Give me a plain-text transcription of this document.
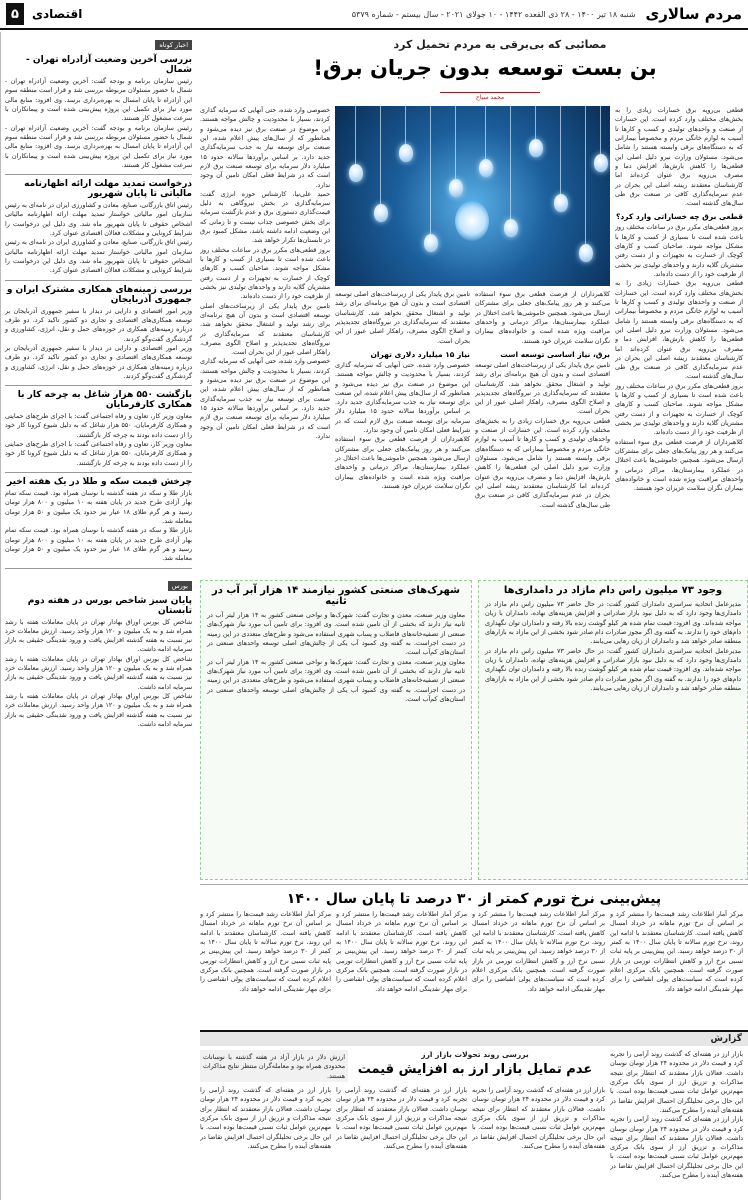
مردم سالاری
شنبه ۱۸ تیر ۱۴۰۰ - ۲۸ ذی القعده ۱۴۴۲ - ۱۰ جولای ۲۰۲۱ - سال بیستم - شماره ۵۳۷۹
اقتصادی
۵
مصائبی که بی‌برقی به مردم تحمیل کرد
بن بست توسعه بدون جریان برق!
محمد سیاح

قطعی بی‌رویه برق خسارات زیادی را به بخش‌های مختلف وارد کرده است. این خسارات از صنعت و واحدهای تولیدی و کسب و کارها تا آسیب به لوازم خانگی مردم و مخصوصاً بیمارانی که به دستگاه‌های برقی وابسته هستند را شامل می‌شود. مسئولان وزارت نیرو دلیل اصلی این قطعی‌ها را کاهش بارش‌ها، افزایش دما و مصرف بی‌رویه برق عنوان کرده‌اند اما کارشناسان معتقدند ریشه اصلی این بحران در عدم سرمایه‌گذاری کافی در صنعت برق طی سال‌های گذشته است.

قطعی برق چه خساراتی وارد کرد؟

بروز قطعی‌های مکرر برق در ساعات مختلف روز باعث شده است تا بسیاری از کسب و کارها با مشکل مواجه شوند. صاحبان کسب و کارهای کوچک از خسارت به تجهیزات و از دست رفتن مشتریان گلایه دارند و واحدهای تولیدی نیز بخشی از ظرفیت خود را از دست داده‌اند.

قطعی بی‌رویه برق خسارات زیادی را به بخش‌های مختلف وارد کرده است. این خسارات از صنعت و واحدهای تولیدی و کسب و کارها تا آسیب به لوازم خانگی مردم و مخصوصاً بیمارانی که به دستگاه‌های برقی وابسته هستند را شامل می‌شود. مسئولان وزارت نیرو دلیل اصلی این قطعی‌ها را کاهش بارش‌ها، افزایش دما و مصرف بی‌رویه برق عنوان کرده‌اند اما کارشناسان معتقدند ریشه اصلی این بحران در عدم سرمایه‌گذاری کافی در صنعت برق طی سال‌های گذشته است.

بروز قطعی‌های مکرر برق در ساعات مختلف روز باعث شده است تا بسیاری از کسب و کارها با مشکل مواجه شوند. صاحبان کسب و کارهای کوچک از خسارت به تجهیزات و از دست رفتن مشتریان گلایه دارند و واحدهای تولیدی نیز بخشی از ظرفیت خود را از دست داده‌اند.

کلاهبرداران از فرصت قطعی برق سوء استفاده می‌کنند و هر روز پیامک‌های جعلی برای مشترکان ارسال می‌شود. همچنین خاموشی‌ها باعث اختلال در عملکرد بیمارستان‌ها، مراکز درمانی و واحدهای مراقبت ویژه شده است و خانواده‌های بیماران نگران سلامت عزیزان خود هستند.

کلاهبرداران از فرصت قطعی برق سوء استفاده می‌کنند و هر روز پیامک‌های جعلی برای مشترکان ارسال می‌شود. همچنین خاموشی‌ها باعث اختلال در عملکرد بیمارستان‌ها، مراکز درمانی و واحدهای مراقبت ویژه شده است و خانواده‌های بیماران نگران سلامت عزیزان خود هستند.

برق، نیاز اساسی توسعه است

تامین برق پایدار یکی از زیرساخت‌های اصلی توسعه اقتصادی است و بدون آن هیچ برنامه‌ای برای رشد تولید و اشتغال محقق نخواهد شد. کارشناسان معتقدند که سرمایه‌گذاری در نیروگاه‌های تجدیدپذیر و اصلاح الگوی مصرف، راهکار اصلی عبور از این بحران است.

قطعی بی‌رویه برق خسارات زیادی را به بخش‌های مختلف وارد کرده است. این خسارات از صنعت و واحدهای تولیدی و کسب و کارها تا آسیب به لوازم خانگی مردم و مخصوصاً بیمارانی که به دستگاه‌های برقی وابسته هستند را شامل می‌شود. مسئولان وزارت نیرو دلیل اصلی این قطعی‌ها را کاهش بارش‌ها، افزایش دما و مصرف بی‌رویه برق عنوان کرده‌اند اما کارشناسان معتقدند ریشه اصلی این بحران در عدم سرمایه‌گذاری کافی در صنعت برق طی سال‌های گذشته است.

تامین برق پایدار یکی از زیرساخت‌های اصلی توسعه اقتصادی است و بدون آن هیچ برنامه‌ای برای رشد تولید و اشتغال محقق نخواهد شد. کارشناسان معتقدند که سرمایه‌گذاری در نیروگاه‌های تجدیدپذیر و اصلاح الگوی مصرف، راهکار اصلی عبور از این بحران است.

نیاز ۱۵ میلیارد دلاری تهران

خصوصی وارد شده، حتی آنهایی که سرمایه گذاری کردند، بسیار با محدودیت و چالش مواجه هستند. این موضوع در صنعت برق نیز دیده می‌شود و همانطور که از سال‌های پیش اعلام شده، این صنعت برای توسعه نیاز به جذب سرمایه‌گذاری جدید دارد. بر اساس برآوردها سالانه حدود ۱۵ میلیارد دلار سرمایه برای توسعه صنعت برق لازم است که در شرایط فعلی امکان تامین آن وجود ندارد.

کلاهبرداران از فرصت قطعی برق سوء استفاده می‌کنند و هر روز پیامک‌های جعلی برای مشترکان ارسال می‌شود. همچنین خاموشی‌ها باعث اختلال در عملکرد بیمارستان‌ها، مراکز درمانی و واحدهای مراقبت ویژه شده است و خانواده‌های بیماران نگران سلامت عزیزان خود هستند.

خصوصی وارد شده، حتی آنهایی که سرمایه گذاری کردند، بسیار با محدودیت و چالش مواجه هستند. این موضوع در صنعت برق نیز دیده می‌شود و همانطور که از سال‌های پیش اعلام شده، این صنعت برای توسعه نیاز به جذب سرمایه‌گذاری جدید دارد. بر اساس برآوردها سالانه حدود ۱۵ میلیارد دلار سرمایه برای توسعه صنعت برق لازم است که در شرایط فعلی امکان تامین آن وجود ندارد.

حمید علی‌نیا، کارشناس حوزه انرژی گفت: سرمایه‌گذاری در بخش نیروگاهی به دلیل قیمت‌گذاری دستوری برق و عدم بازگشت سرمایه برای بخش خصوصی جذاب نیست و تا زمانی که این وضعیت ادامه داشته باشد، مشکل کمبود برق در تابستان‌ها تکرار خواهد شد.

بروز قطعی‌های مکرر برق در ساعات مختلف روز باعث شده است تا بسیاری از کسب و کارها با مشکل مواجه شوند. صاحبان کسب و کارهای کوچک از خسارت به تجهیزات و از دست رفتن مشتریان گلایه دارند و واحدهای تولیدی نیز بخشی از ظرفیت خود را از دست داده‌اند.

تامین برق پایدار یکی از زیرساخت‌های اصلی توسعه اقتصادی است و بدون آن هیچ برنامه‌ای برای رشد تولید و اشتغال محقق نخواهد شد. کارشناسان معتقدند که سرمایه‌گذاری در نیروگاه‌های تجدیدپذیر و اصلاح الگوی مصرف، راهکار اصلی عبور از این بحران است.

خصوصی وارد شده، حتی آنهایی که سرمایه گذاری کردند، بسیار با محدودیت و چالش مواجه هستند. این موضوع در صنعت برق نیز دیده می‌شود و همانطور که از سال‌های پیش اعلام شده، این صنعت برای توسعه نیاز به جذب سرمایه‌گذاری جدید دارد. بر اساس برآوردها سالانه حدود ۱۵ میلیارد دلار سرمایه برای توسعه صنعت برق لازم است که در شرایط فعلی امکان تامین آن وجود ندارد.

وجود ۷۳ میلیون راس دام مازاد در دامداری‌ها

مدیرعامل اتحادیه سراسری دامداران کشور گفت: در حال حاضر ۷۳ میلیون راس دام مازاد در دامداری‌ها وجود دارد که به دلیل نبود بازار صادراتی و افزایش هزینه‌های نهاده، دامداران با زیان مواجه شده‌اند. وی افزود: قیمت تمام شده هر کیلو گوشت زنده بالا رفته و دامداران توان نگهداری دام‌های خود را ندارند. به گفته وی اگر مجوز صادرات دام صادر شود بخشی از این مازاد به بازارهای منطقه صادر خواهد شد و دامداران از زیان رهایی می‌یابند.

مدیرعامل اتحادیه سراسری دامداران کشور گفت: در حال حاضر ۷۳ میلیون راس دام مازاد در دامداری‌ها وجود دارد که به دلیل نبود بازار صادراتی و افزایش هزینه‌های نهاده، دامداران با زیان مواجه شده‌اند. وی افزود: قیمت تمام شده هر کیلو گوشت زنده بالا رفته و دامداران توان نگهداری دام‌های خود را ندارند. به گفته وی اگر مجوز صادرات دام صادر شود بخشی از این مازاد به بازارهای منطقه صادر خواهد شد و دامداران از زیان رهایی می‌یابند.

شهرک‌های صنعتی کشور نیازمند ۱۴ هزار آبر آب در ثانیه

معاون وزیر صنعت، معدن و تجارت گفت: شهرک‌ها و نواحی صنعتی کشور به ۱۴ هزار لیتر آب در ثانیه نیاز دارند که بخشی از آن تامین شده است. وی افزود: برای تامین آب مورد نیاز شهرک‌های صنعتی از تصفیه‌خانه‌های فاضلاب و پساب شهری استفاده می‌شود و طرح‌های متعددی در این زمینه در دست اجراست. به گفته وی کمبود آب یکی از چالش‌های اصلی توسعه واحدهای صنعتی در استان‌های کم‌آب است.

معاون وزیر صنعت، معدن و تجارت گفت: شهرک‌ها و نواحی صنعتی کشور به ۱۴ هزار لیتر آب در ثانیه نیاز دارند که بخشی از آن تامین شده است. وی افزود: برای تامین آب مورد نیاز شهرک‌های صنعتی از تصفیه‌خانه‌های فاضلاب و پساب شهری استفاده می‌شود و طرح‌های متعددی در این زمینه در دست اجراست. به گفته وی کمبود آب یکی از چالش‌های اصلی توسعه واحدهای صنعتی در استان‌های کم‌آب است.

پیش‌بینی نرخ تورم کمتر از ۳۰ درصد تا پایان سال ۱۴۰۰

مرکز آمار اطلاعات رشد قیمت‌ها را منتشر کرد و بر اساس آن نرخ تورم ماهانه در خرداد امسال کاهش یافته است. کارشناسان معتقدند با ادامه این روند، نرخ تورم سالانه تا پایان سال ۱۴۰۰ به کمتر از ۳۰ درصد خواهد رسید. این پیش‌بینی بر پایه ثبات نسبی نرخ ارز و کاهش انتظارات تورمی در بازار صورت گرفته است. همچنین بانک مرکزی اعلام کرده است که سیاست‌های پولی انقباضی را برای مهار نقدینگی ادامه خواهد داد.

مرکز آمار اطلاعات رشد قیمت‌ها را منتشر کرد و بر اساس آن نرخ تورم ماهانه در خرداد امسال کاهش یافته است. کارشناسان معتقدند با ادامه این روند، نرخ تورم سالانه تا پایان سال ۱۴۰۰ به کمتر از ۳۰ درصد خواهد رسید. این پیش‌بینی بر پایه ثبات نسبی نرخ ارز و کاهش انتظارات تورمی در بازار صورت گرفته است. همچنین بانک مرکزی اعلام کرده است که سیاست‌های پولی انقباضی را برای مهار نقدینگی ادامه خواهد داد.

مرکز آمار اطلاعات رشد قیمت‌ها را منتشر کرد و بر اساس آن نرخ تورم ماهانه در خرداد امسال کاهش یافته است. کارشناسان معتقدند با ادامه این روند، نرخ تورم سالانه تا پایان سال ۱۴۰۰ به کمتر از ۳۰ درصد خواهد رسید. این پیش‌بینی بر پایه ثبات نسبی نرخ ارز و کاهش انتظارات تورمی در بازار صورت گرفته است. همچنین بانک مرکزی اعلام کرده است که سیاست‌های پولی انقباضی را برای مهار نقدینگی ادامه خواهد داد.

مرکز آمار اطلاعات رشد قیمت‌ها را منتشر کرد و بر اساس آن نرخ تورم ماهانه در خرداد امسال کاهش یافته است. کارشناسان معتقدند با ادامه این روند، نرخ تورم سالانه تا پایان سال ۱۴۰۰ به کمتر از ۳۰ درصد خواهد رسید. این پیش‌بینی بر پایه ثبات نسبی نرخ ارز و کاهش انتظارات تورمی در بازار صورت گرفته است. همچنین بانک مرکزی اعلام کرده است که سیاست‌های پولی انقباضی را برای مهار نقدینگی ادامه خواهد داد.

گزارش
بررسی روند تحولات بازار ارز
عدم تمایل بازار ارز به افزایش قیمت

ارزش دلار در بازار آزاد در هفته گذشته با نوسانات محدودی همراه بود و معامله‌گران منتظر نتایج مذاکرات هستند.

بازار ارز در هفته‌ای که گذشت روند آرامی را تجربه کرد و قیمت دلار در محدوده ۲۴ هزار تومان نوسان داشت. فعالان بازار معتقدند که انتظار برای نتیجه مذاکرات و تزریق ارز از سوی بانک مرکزی مهم‌ترین عوامل ثبات نسبی قیمت‌ها بوده است. با این حال برخی تحلیلگران احتمال افزایش تقاضا در هفته‌های آینده را مطرح می‌کنند.

بازار ارز در هفته‌ای که گذشت روند آرامی را تجربه کرد و قیمت دلار در محدوده ۲۴ هزار تومان نوسان داشت. فعالان بازار معتقدند که انتظار برای نتیجه مذاکرات و تزریق ارز از سوی بانک مرکزی مهم‌ترین عوامل ثبات نسبی قیمت‌ها بوده است. با این حال برخی تحلیلگران احتمال افزایش تقاضا در هفته‌های آینده را مطرح می‌کنند.

بازار ارز در هفته‌ای که گذشت روند آرامی را تجربه کرد و قیمت دلار در محدوده ۲۴ هزار تومان نوسان داشت. فعالان بازار معتقدند که انتظار برای نتیجه مذاکرات و تزریق ارز از سوی بانک مرکزی مهم‌ترین عوامل ثبات نسبی قیمت‌ها بوده است. با این حال برخی تحلیلگران احتمال افزایش تقاضا در هفته‌های آینده را مطرح می‌کنند.

بازار ارز در هفته‌ای که گذشت روند آرامی را تجربه کرد و قیمت دلار در محدوده ۲۴ هزار تومان نوسان داشت. فعالان بازار معتقدند که انتظار برای نتیجه مذاکرات و تزریق ارز از سوی بانک مرکزی مهم‌ترین عوامل ثبات نسبی قیمت‌ها بوده است. با این حال برخی تحلیلگران احتمال افزایش تقاضا در هفته‌های آینده را مطرح می‌کنند.

بازار ارز در هفته‌ای که گذشت روند آرامی را تجربه کرد و قیمت دلار در محدوده ۲۴ هزار تومان نوسان داشت. فعالان بازار معتقدند که انتظار برای نتیجه مذاکرات و تزریق ارز از سوی بانک مرکزی مهم‌ترین عوامل ثبات نسبی قیمت‌ها بوده است. با این حال برخی تحلیلگران احتمال افزایش تقاضا در هفته‌های آینده را مطرح می‌کنند.

اخبار کوتاه
بررسی آخرین وضعیت آزادراه تهران - شمال

رئیس سازمان برنامه و بودجه گفت: آخرین وضعیت آزادراه تهران - شمال با حضور مسئولان مربوطه بررسی شد و قرار است منطقه سوم این آزادراه تا پایان امسال به بهره‌برداری برسد. وی افزود: منابع مالی مورد نیاز برای تکمیل این پروژه پیش‌بینی شده است و پیمانکاران با سرعت مشغول کار هستند.

رئیس سازمان برنامه و بودجه گفت: آخرین وضعیت آزادراه تهران - شمال با حضور مسئولان مربوطه بررسی شد و قرار است منطقه سوم این آزادراه تا پایان امسال به بهره‌برداری برسد. وی افزود: منابع مالی مورد نیاز برای تکمیل این پروژه پیش‌بینی شده است و پیمانکاران با سرعت مشغول کار هستند.

درخواست تمدید مهلت ارائه اظهارنامه مالیاتی تا پایان شهریور

رئیس اتاق بازرگانی، صنایع، معادن و کشاورزی ایران در نامه‌ای به رئیس سازمان امور مالیاتی خواستار تمدید مهلت ارائه اظهارنامه مالیاتی اشخاص حقوقی تا پایان شهریور ماه شد. وی دلیل این درخواست را شرایط کرونایی و مشکلات فعالان اقتصادی عنوان کرد.

رئیس اتاق بازرگانی، صنایع، معادن و کشاورزی ایران در نامه‌ای به رئیس سازمان امور مالیاتی خواستار تمدید مهلت ارائه اظهارنامه مالیاتی اشخاص حقوقی تا پایان شهریور ماه شد. وی دلیل این درخواست را شرایط کرونایی و مشکلات فعالان اقتصادی عنوان کرد.

بررسی زمینه‌های همکاری مشترک ایران و جمهوری آذربایجان

وزیر امور اقتصادی و دارایی در دیدار با سفیر جمهوری آذربایجان بر توسعه همکاری‌های اقتصادی و تجاری دو کشور تاکید کرد. دو طرف درباره زمینه‌های همکاری در حوزه‌های حمل و نقل، انرژی، کشاورزی و گردشگری گفت‌وگو کردند.

وزیر امور اقتصادی و دارایی در دیدار با سفیر جمهوری آذربایجان بر توسعه همکاری‌های اقتصادی و تجاری دو کشور تاکید کرد. دو طرف درباره زمینه‌های همکاری در حوزه‌های حمل و نقل، انرژی، کشاورزی و گردشگری گفت‌وگو کردند.

بازگشت ۵۵۰ هزار شاغل به چرخه کار با همکاری کارفرمایان

معاون وزیر کار، تعاون و رفاه اجتماعی گفت: با اجرای طرح‌های حمایتی و همکاری کارفرمایان، ۵۵۰ هزار شاغل که به دلیل شیوع کرونا کار خود را از دست داده بودند به چرخه کار بازگشتند.

معاون وزیر کار، تعاون و رفاه اجتماعی گفت: با اجرای طرح‌های حمایتی و همکاری کارفرمایان، ۵۵۰ هزار شاغل که به دلیل شیوع کرونا کار خود را از دست داده بودند به چرخه کار بازگشتند.

چرخش قیمت سکه و طلا در یک هفته اخیر

بازار طلا و سکه در هفته گذشته با نوسان همراه بود. قیمت سکه تمام بهار آزادی طرح جدید در پایان هفته به ۱۰ میلیون و ۸۰۰ هزار تومان رسید و هر گرم طلای ۱۸ عیار نیز حدود یک میلیون و ۵۰ هزار تومان معامله شد.

بازار طلا و سکه در هفته گذشته با نوسان همراه بود. قیمت سکه تمام بهار آزادی طرح جدید در پایان هفته به ۱۰ میلیون و ۸۰۰ هزار تومان رسید و هر گرم طلای ۱۸ عیار نیز حدود یک میلیون و ۵۰ هزار تومان معامله شد.

بورس
پایان سبز شاخص بورس در هفته دوم تابستان

شاخص کل بورس اوراق بهادار تهران در پایان معاملات هفته با رشد همراه شد و به یک میلیون و ۱۲۰ هزار واحد رسید. ارزش معاملات خرد نیز نسبت به هفته گذشته افزایش یافت و ورود نقدینگی حقیقی به بازار سرمایه ادامه داشت.

شاخص کل بورس اوراق بهادار تهران در پایان معاملات هفته با رشد همراه شد و به یک میلیون و ۱۲۰ هزار واحد رسید. ارزش معاملات خرد نیز نسبت به هفته گذشته افزایش یافت و ورود نقدینگی حقیقی به بازار سرمایه ادامه داشت.

شاخص کل بورس اوراق بهادار تهران در پایان معاملات هفته با رشد همراه شد و به یک میلیون و ۱۲۰ هزار واحد رسید. ارزش معاملات خرد نیز نسبت به هفته گذشته افزایش یافت و ورود نقدینگی حقیقی به بازار سرمایه ادامه داشت.
